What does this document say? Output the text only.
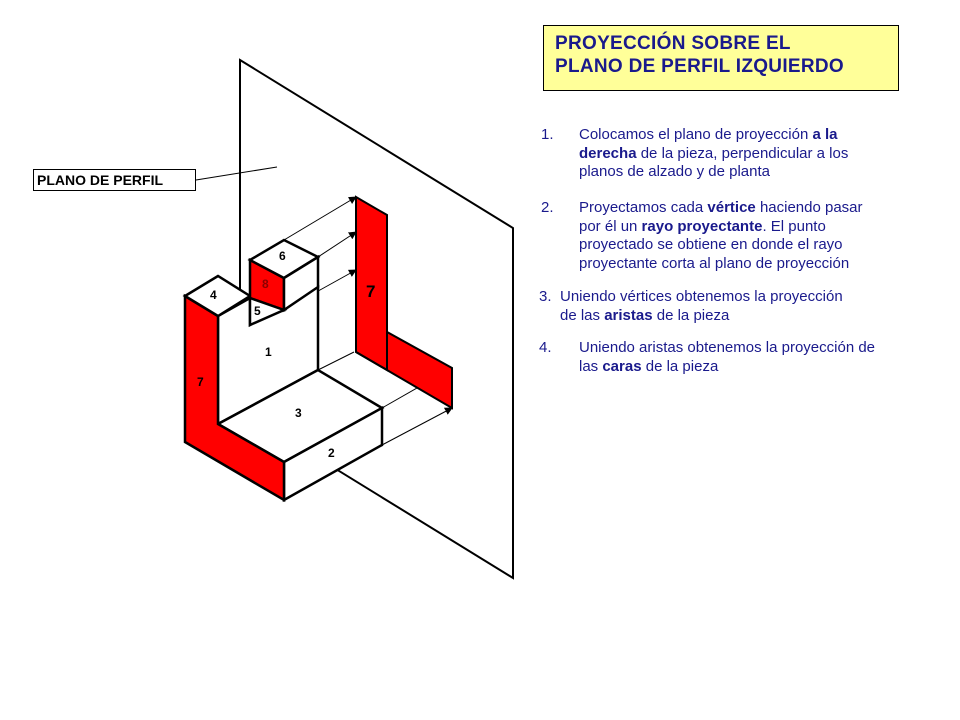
PROYECCIÓN SOBRE EL
PLANO DE PERFIL IZQUIERDO
PLANO DE PERFIL
1. Colocamos el plano de proyección a la
derecha de la pieza, perpendicular a los
planos de alzado y de planta
2. Proyectamos cada vértice haciendo pasar
por él un rayo proyectante. El punto
proyectado se obtiene en donde el rayo
proyectante corta al plano de proyección
3. Uniendo vértices obtenemos la proyección
de las aristas de la pieza
4. Uniendo aristas obtenemos la proyección de
las caras de la pieza
1
2
3
4
5
6
8
7
7
